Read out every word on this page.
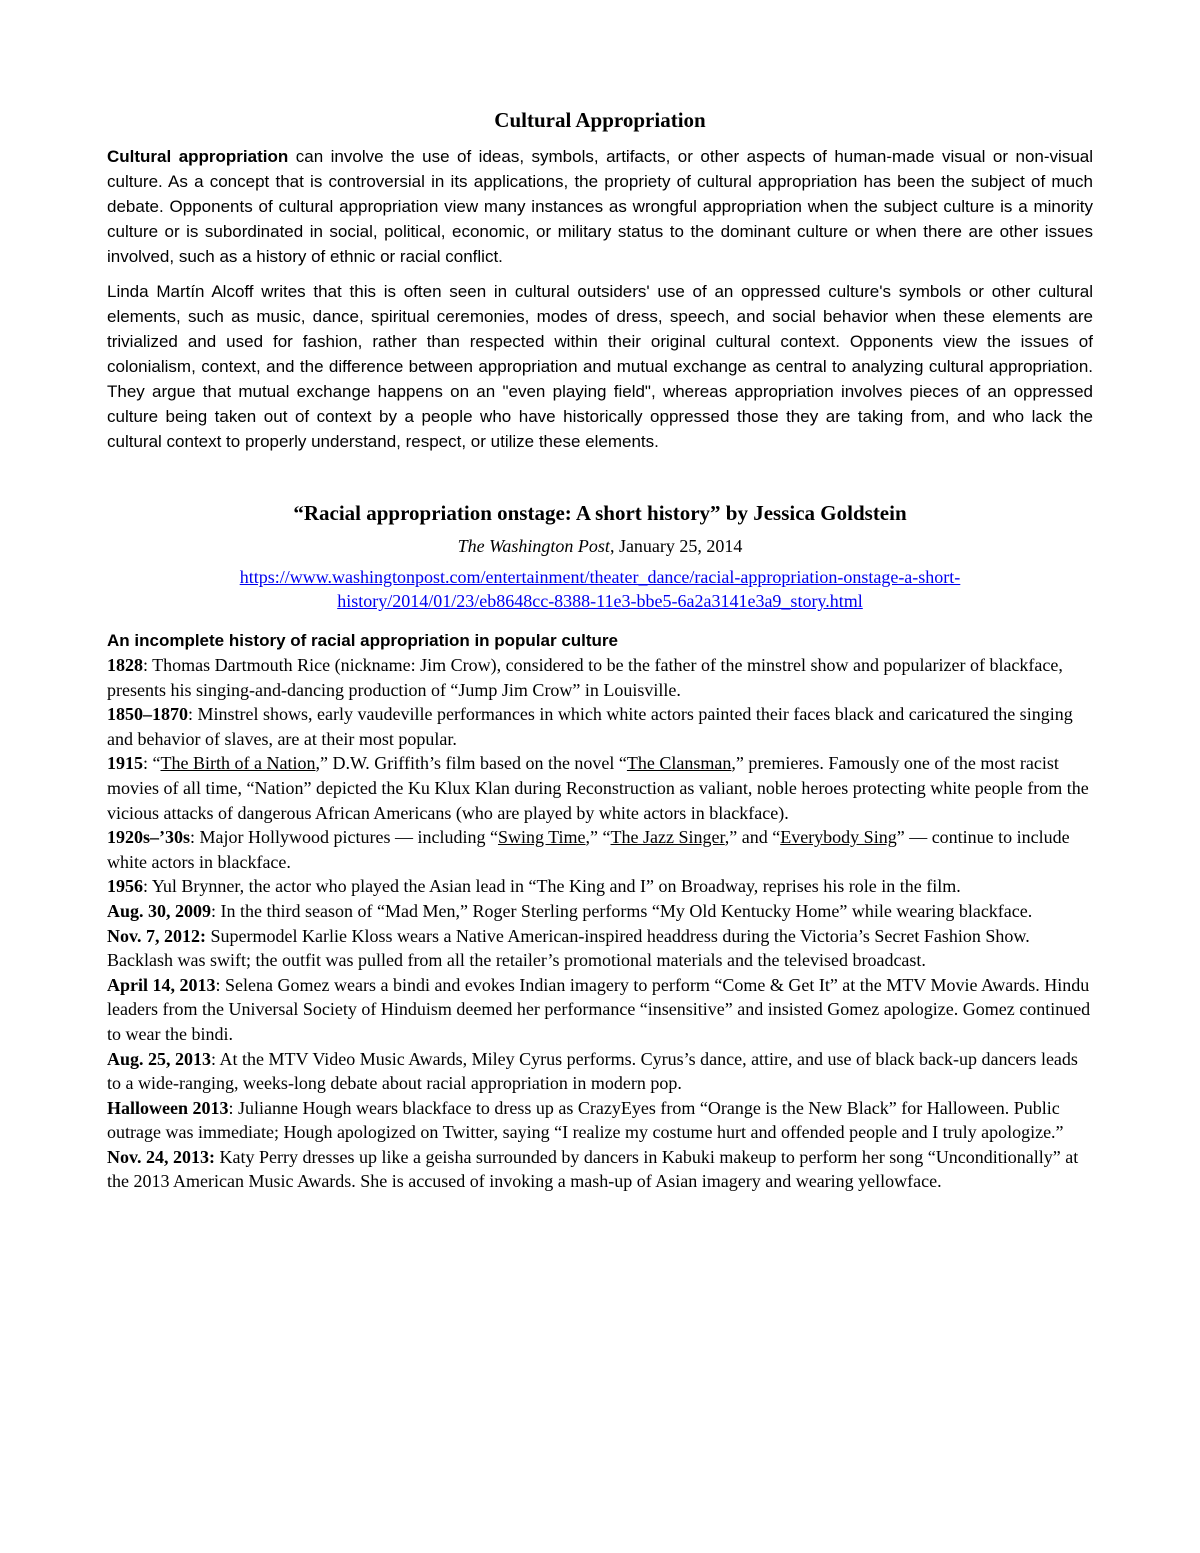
Cultural Appropriation

Cultural appropriation can involve the use of ideas, symbols, artifacts, or other aspects of human-made visual or non-visual culture. As a concept that is controversial in its applications, the propriety of cultural appropriation has been the subject of much debate. Opponents of cultural appropriation view many instances as wrongful appropriation when the subject culture is a minority culture or is subordinated in social, political, economic, or military status to the dominant culture or when there are other issues involved, such as a history of ethnic or racial conflict.

Linda Martín Alcoff writes that this is often seen in cultural outsiders' use of an oppressed culture's symbols or other cultural elements, such as music, dance, spiritual ceremonies, modes of dress, speech, and social behavior when these elements are trivialized and used for fashion, rather than respected within their original cultural context. Opponents view the issues of colonialism, context, and the difference between appropriation and mutual exchange as central to analyzing cultural appropriation. They argue that mutual exchange happens on an "even playing field", whereas appropriation involves pieces of an oppressed culture being taken out of context by a people who have historically oppressed those they are taking from, and who lack the cultural context to properly understand, respect, or utilize these elements.

“Racial appropriation onstage: A short history” by Jessica Goldstein
The Washington Post, January 25, 2014
https://www.washingtonpost.com/entertainment/theater_dance/racial-appropriation-onstage-a-short-
history/2014/01/23/eb8648cc-8388-11e3-bbe5-6a2a3141e3a9_story.html

An incomplete history of racial appropriation in popular culture

1828: Thomas Dartmouth Rice (nickname: Jim Crow), considered to be the father of the minstrel show and popularizer of blackface, presents his singing-and-dancing production of “Jump Jim Crow” in Louisville.

1850–1870: Minstrel shows, early vaudeville performances in which white actors painted their faces black and caricatured the singing and behavior of slaves, are at their most popular.

1915: “The Birth of a Nation,” D.W. Griffith’s film based on the novel “The Clansman,” premieres. Famously one of the most racist movies of all time, “Nation” depicted the Ku Klux Klan during Reconstruction as valiant, noble heroes protecting white people from the vicious attacks of dangerous African Americans (who are played by white actors in blackface).

1920s–’30s: Major Hollywood pictures — including “Swing Time,” “The Jazz Singer,” and “Everybody Sing” — continue to include white actors in blackface.

1956: Yul Brynner, the actor who played the Asian lead in “The King and I” on Broadway, reprises his role in the film.

Aug. 30, 2009: In the third season of “Mad Men,” Roger Sterling performs “My Old Kentucky Home” while wearing blackface.

Nov. 7, 2012: Supermodel Karlie Kloss wears a Native American-inspired headdress during the Victoria’s Secret Fashion Show. Backlash was swift; the outfit was pulled from all the retailer’s promotional materials and the televised broadcast.

April 14, 2013: Selena Gomez wears a bindi and evokes Indian imagery to perform “Come & Get It” at the MTV Movie Awards. Hindu leaders from the Universal Society of Hinduism deemed her performance “insensitive” and insisted Gomez apologize. Gomez continued to wear the bindi.

Aug. 25, 2013: At the MTV Video Music Awards, Miley Cyrus performs. Cyrus’s dance, attire, and use of black back-up dancers leads to a wide-ranging, weeks-long debate about racial appropriation in modern pop.

Halloween 2013: Julianne Hough wears blackface to dress up as CrazyEyes from “Orange is the New Black” for Halloween. Public outrage was immediate; Hough apologized on Twitter, saying “I realize my costume hurt and offended people and I truly apologize.”

Nov. 24, 2013: Katy Perry dresses up like a geisha surrounded by dancers in Kabuki makeup to perform her song “Unconditionally” at the 2013 American Music Awards. She is accused of invoking a mash-up of Asian imagery and wearing yellowface.
